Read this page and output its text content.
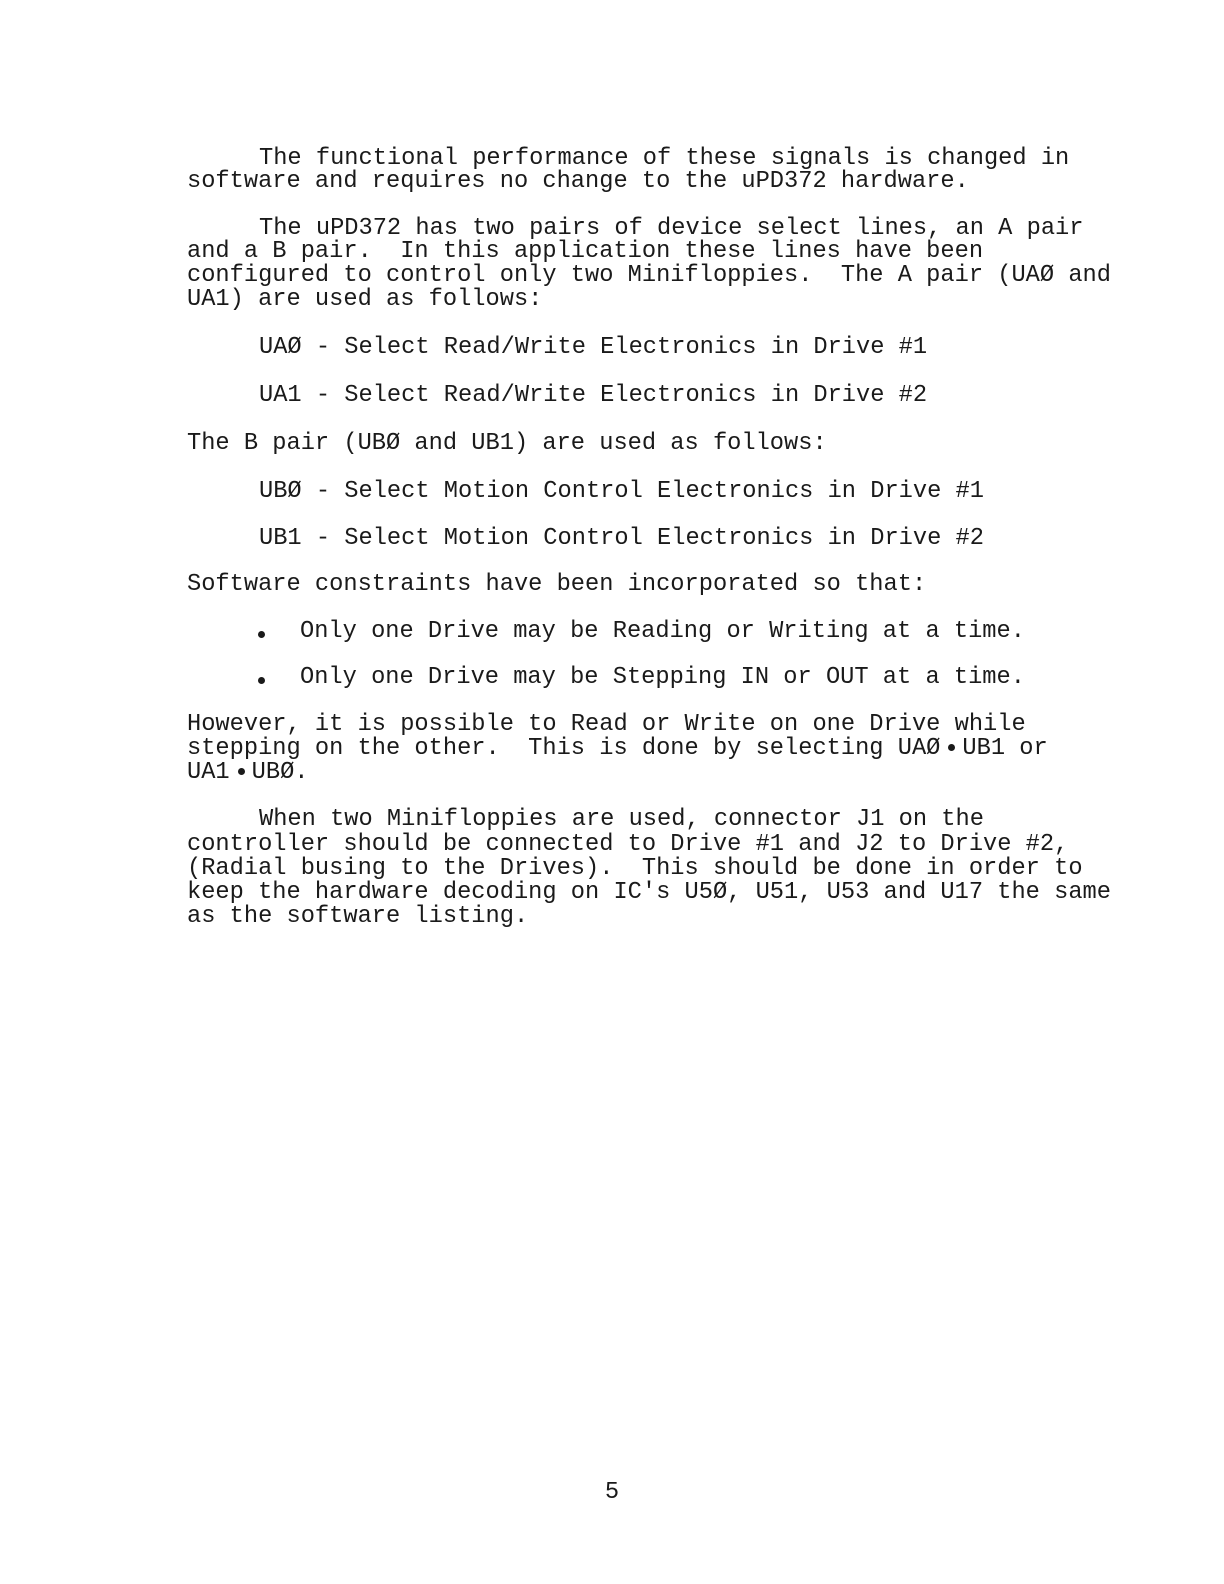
The functional performance of these signals is changed in
software and requires no change to the uPD372 hardware.
The uPD372 has two pairs of device select lines, an A pair
and a B pair.  In this application these lines have been
configured to control only two Minifloppies.  The A pair (UAØ and
UA1) are used as follows:
UAØ - Select Read/Write Electronics in Drive #1
UA1 - Select Read/Write Electronics in Drive #2
The B pair (UBØ and UB1) are used as follows:
UBØ - Select Motion Control Electronics in Drive #1
UB1 - Select Motion Control Electronics in Drive #2
Software constraints have been incorporated so that:
Only one Drive may be Reading or Writing at a time.
Only one Drive may be Stepping IN or OUT at a time.
However, it is possible to Read or Write on one Drive while
stepping on the other.  This is done by selecting UAØ UB1 or
UA1 UBØ.
When two Minifloppies are used, connector J1 on the
controller should be connected to Drive #1 and J2 to Drive #2,
(Radial busing to the Drives).  This should be done in order to
keep the hardware decoding on IC's U5Ø, U51, U53 and U17 the same
as the software listing.
5
